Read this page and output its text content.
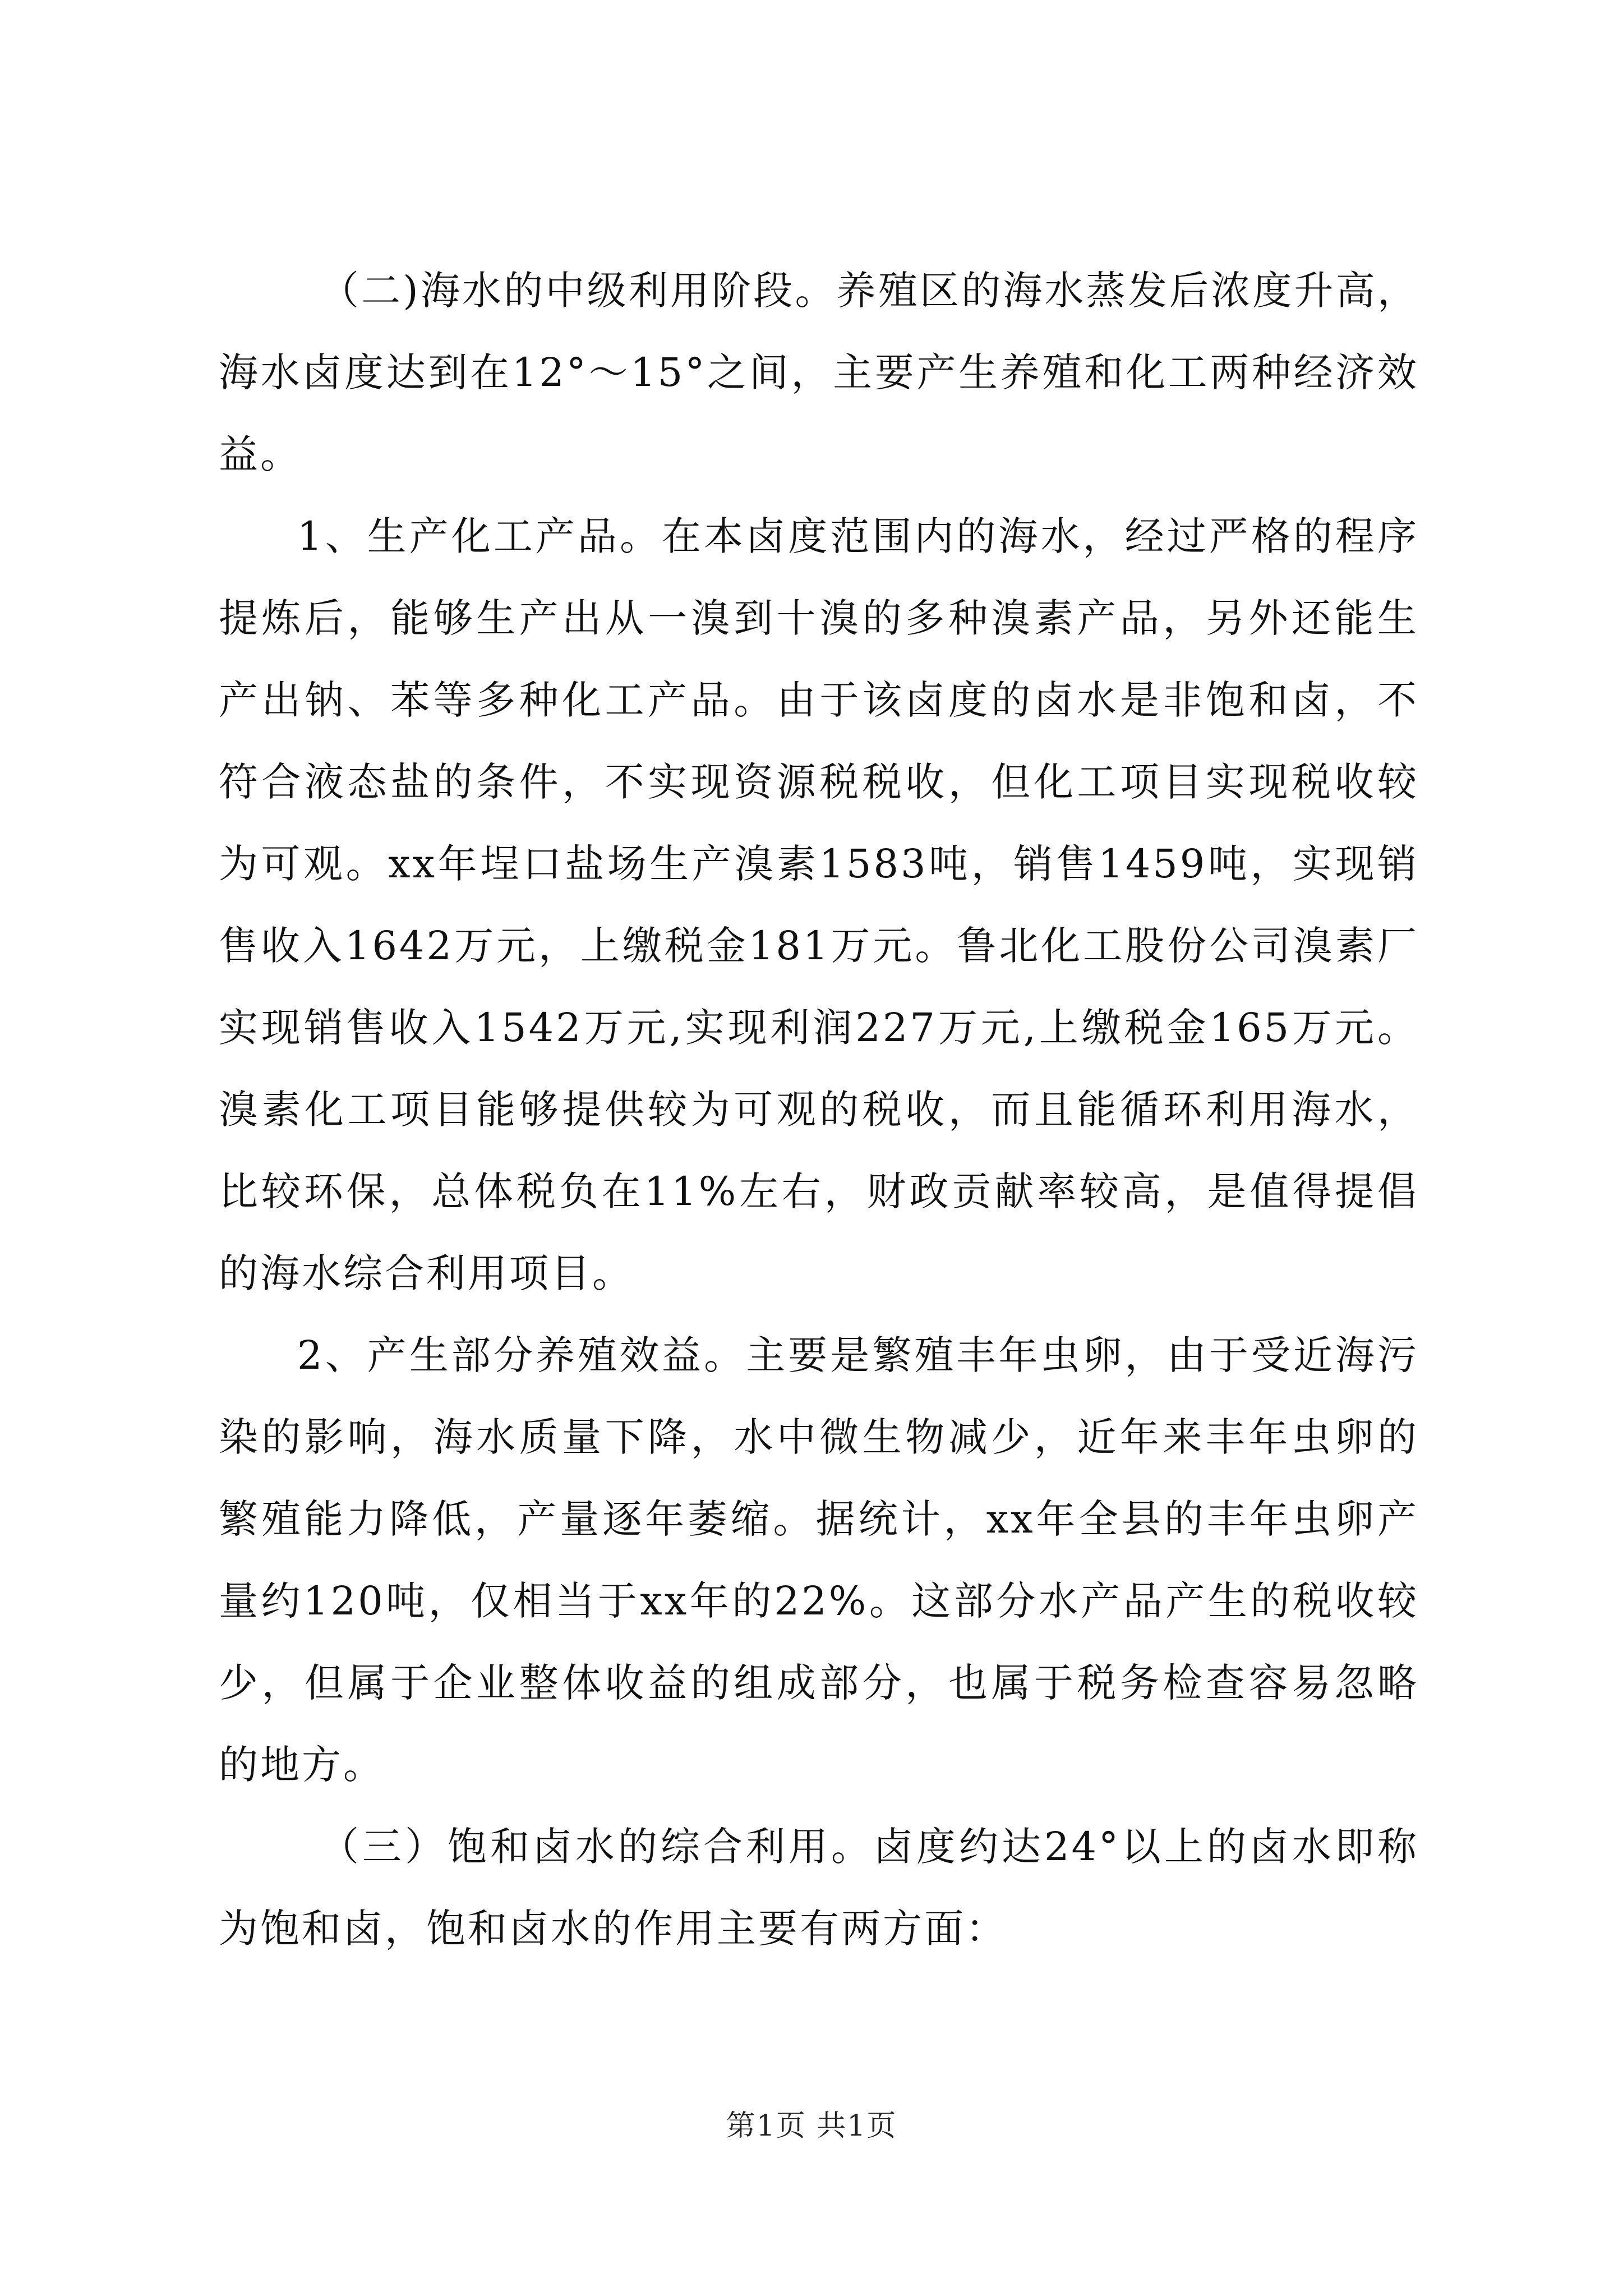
（二)海水的中级利用阶段。养殖区的海水蒸发后浓度升高，海水卤度达到在12°～15°之间，主要产生养殖和化工两种经济效益。

1、生产化工产品。在本卤度范围内的海水，经过严格的程序提炼后，能够生产出从一溴到十溴的多种溴素产品，另外还能生产出钠、苯等多种化工产品。由于该卤度的卤水是非饱和卤，不符合液态盐的条件，不实现资源税税收，但化工项目实现税收较为可观。xx年埕口盐场生产溴素1583吨，销售1459吨，实现销售收入1642万元，上缴税金181万元。鲁北化工股份公司溴素厂实现销售收入1542万元,实现利润227万元,上缴税金165万元。溴素化工项目能够提供较为可观的税收，而且能循环利用海水，比较环保，总体税负在11%左右，财政贡献率较高，是值得提倡的海水综合利用项目。

2、产生部分养殖效益。主要是繁殖丰年虫卵，由于受近海污染的影响，海水质量下降，水中微生物减少，近年来丰年虫卵的繁殖能力降低，产量逐年萎缩。据统计，xx年全县的丰年虫卵产量约120吨，仅相当于xx年的22%。这部分水产品产生的税收较少，但属于企业整体收益的组成部分，也属于税务检查容易忽略的地方。

（三）饱和卤水的综合利用。卤度约达24°以上的卤水即称为饱和卤，饱和卤水的作用主要有两方面：

第1页 共1页
